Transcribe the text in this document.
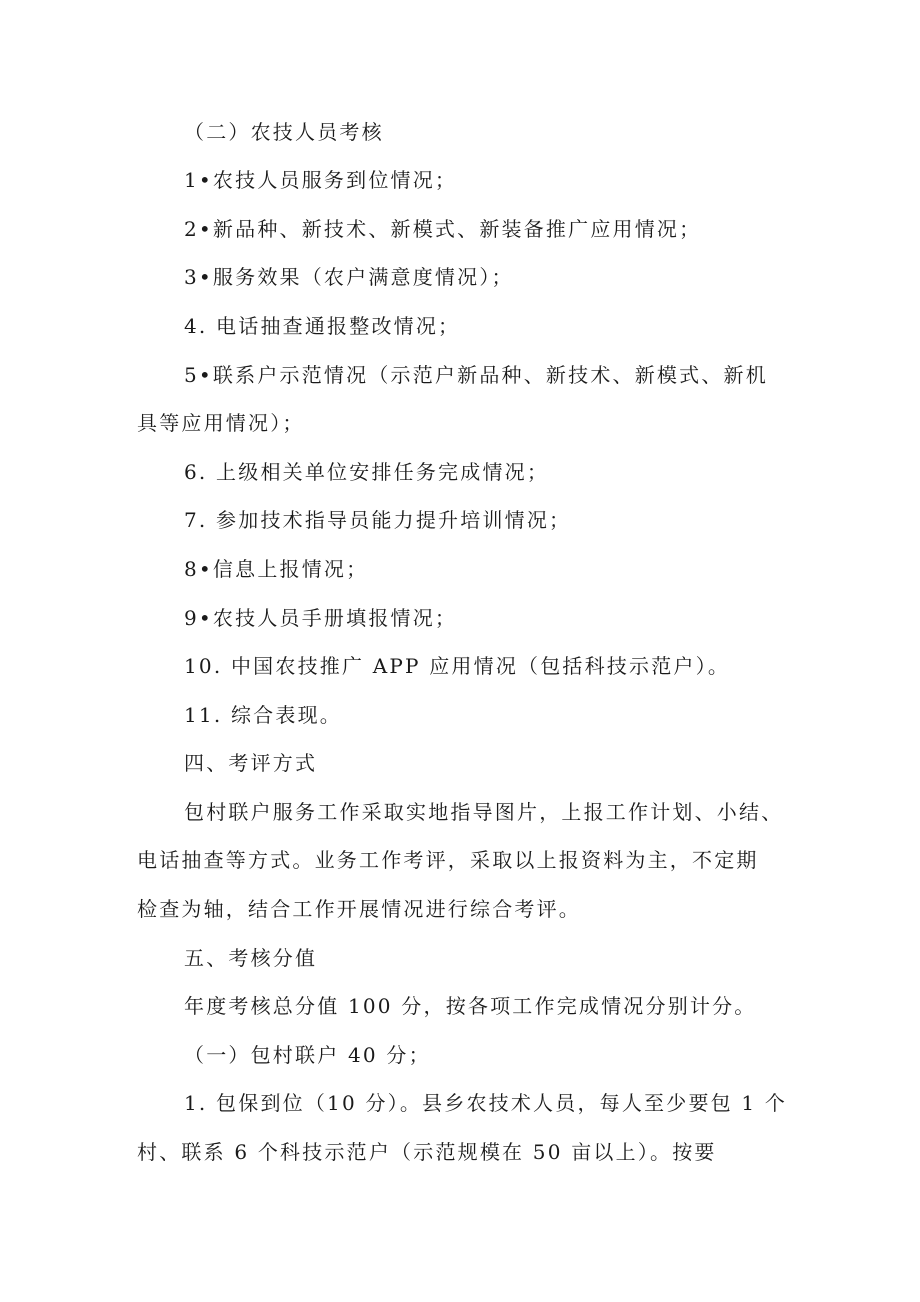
（二）农技人员考核
1•农技人员服务到位情况；
2•新品种、新技术、新模式、新装备推广应用情况；
3•服务效果（农户满意度情况）；
4. 电话抽查通报整改情况；
5•联系户示范情况（示范户新品种、新技术、新模式、新机
具等应用情况）；
6. 上级相关单位安排任务完成情况；
7. 参加技术指导员能力提升培训情况；
8•信息上报情况；
9•农技人员手册填报情况；
10. 中国农技推广 APP 应用情况（包括科技示范户）。
11. 综合表现。
四、考评方式
包村联户服务工作采取实地指导图片，上报工作计划、小结、
电话抽查等方式。业务工作考评，采取以上报资料为主，不定期
检查为轴，结合工作开展情况进行综合考评。
五、考核分值
年度考核总分值 100 分，按各项工作完成情况分别计分。
（一）包村联户 40 分；
1. 包保到位（10 分）。县乡农技术人员，每人至少要包 1 个
村、联系 6 个科技示范户（示范规模在 50 亩以上）。按要
